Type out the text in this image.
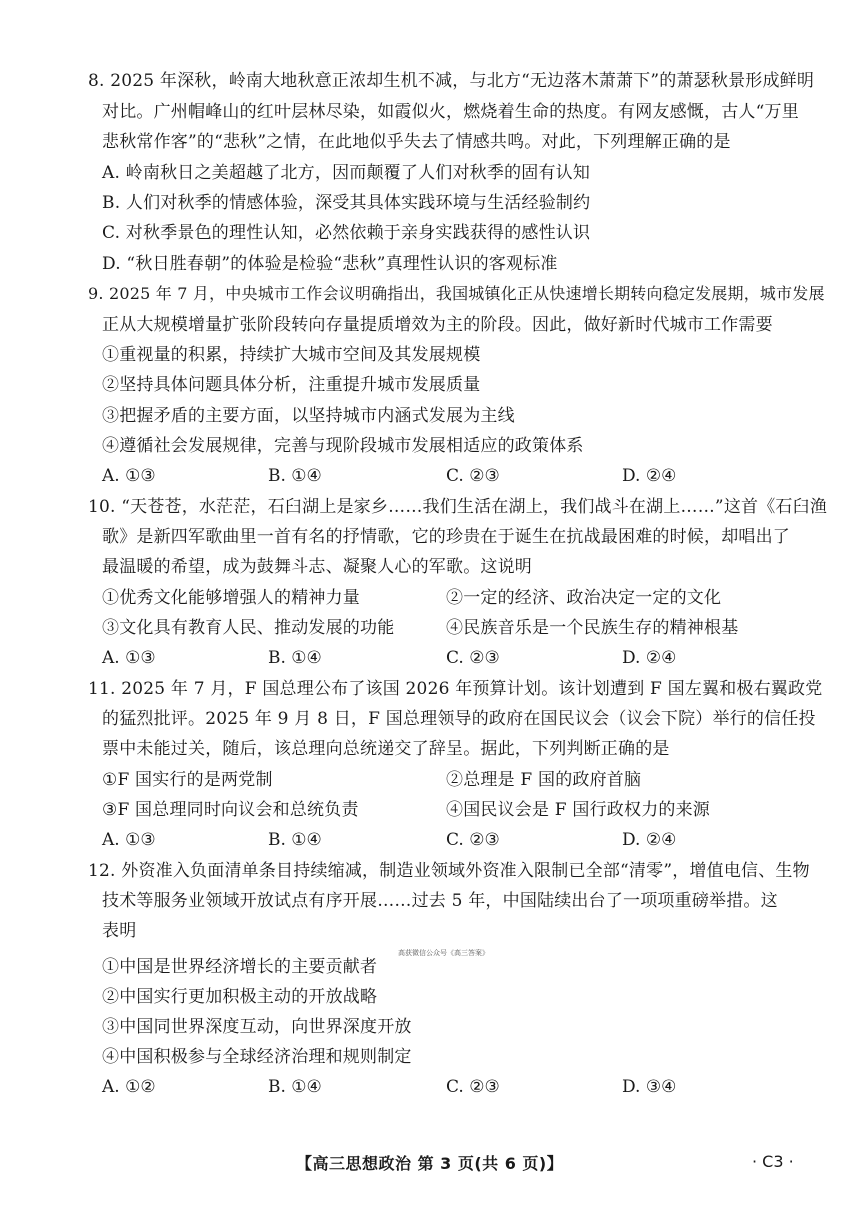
8. 2025 年深秋，岭南大地秋意正浓却生机不减，与北方“无边落木萧萧下”的萧瑟秋景形成鲜明
对比。广州帽峰山的红叶层林尽染，如霞似火，燃烧着生命的热度。有网友感慨，古人“万里
悲秋常作客”的“悲秋”之情，在此地似乎失去了情感共鸣。对此，下列理解正确的是
A. 岭南秋日之美超越了北方，因而颠覆了人们对秋季的固有认知
B. 人们对秋季的情感体验，深受其具体实践环境与生活经验制约
C. 对秋季景色的理性认知，必然依赖于亲身实践获得的感性认识
D. “秋日胜春朝”的体验是检验“悲秋”真理性认识的客观标准
9. 2025 年 7 月，中央城市工作会议明确指出，我国城镇化正从快速增长期转向稳定发展期，城市发展
正从大规模增量扩张阶段转向存量提质增效为主的阶段。因此，做好新时代城市工作需要
①重视量的积累，持续扩大城市空间及其发展规模
②坚持具体问题具体分析，注重提升城市发展质量
③把握矛盾的主要方面，以坚持城市内涵式发展为主线
④遵循社会发展规律，完善与现阶段城市发展相适应的政策体系
A. ①③	B. ①④	C. ②③	D. ②④
10. “天苍苍，水茫茫，石臼湖上是家乡……我们生活在湖上，我们战斗在湖上……”这首《石臼渔
歌》是新四军歌曲里一首有名的抒情歌，它的珍贵在于诞生在抗战最困难的时候，却唱出了
最温暖的希望，成为鼓舞斗志、凝聚人心的军歌。这说明
①优秀文化能够增强人的精神力量	②一定的经济、政治决定一定的文化
③文化具有教育人民、推动发展的功能	④民族音乐是一个民族生存的精神根基
A. ①③	B. ①④	C. ②③	D. ②④
11. 2025 年 7 月，F 国总理公布了该国 2026 年预算计划。该计划遭到 F 国左翼和极右翼政党
的猛烈批评。2025 年 9 月 8 日，F 国总理领导的政府在国民议会（议会下院）举行的信任投
票中未能过关，随后，该总理向总统递交了辞呈。据此，下列判断正确的是
①F 国实行的是两党制	②总理是 F 国的政府首脑
③F 国总理同时向议会和总统负责	④国民议会是 F 国行政权力的来源
A. ①③	B. ①④	C. ②③	D. ②④
12. 外资准入负面清单条目持续缩减，制造业领域外资准入限制已全部“清零”，增值电信、生物
技术等服务业领域开放试点有序开展……过去 5 年，中国陆续出台了一项项重磅举措。这
表明
高获微信公众号《高三答案》
①中国是世界经济增长的主要贡献者
②中国实行更加积极主动的开放战略
③中国同世界深度互动，向世界深度开放
④中国积极参与全球经济治理和规则制定
A. ①②	B. ①④	C. ②③	D. ③④
【高三思想政治 第 3 页(共 6 页)】	· C3 ·
